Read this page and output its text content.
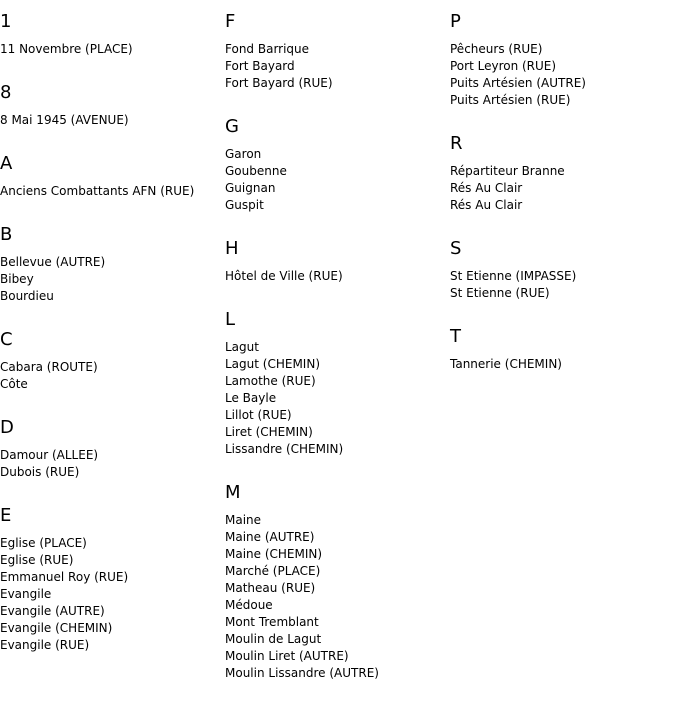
1
11 Novembre (PLACE)
8
8 Mai 1945 (AVENUE)
A
Anciens Combattants AFN (RUE)
B
Bellevue (AUTRE)
Bibey
Bourdieu
C
Cabara (ROUTE)
Côte
D
Damour (ALLEE)
Dubois (RUE)
E
Eglise (PLACE)
Eglise (RUE)
Emmanuel Roy (RUE)
Evangile
Evangile (AUTRE)
Evangile (CHEMIN)
Evangile (RUE)
F
Fond Barrique
Fort Bayard
Fort Bayard (RUE)
G
Garon
Goubenne
Guignan
Guspit
H
Hôtel de Ville (RUE)
L
Lagut
Lagut (CHEMIN)
Lamothe (RUE)
Le Bayle
Lillot (RUE)
Liret (CHEMIN)
Lissandre (CHEMIN)
M
Maine
Maine (AUTRE)
Maine (CHEMIN)
Marché (PLACE)
Matheau (RUE)
Médoue
Mont Tremblant
Moulin de Lagut
Moulin Liret (AUTRE)
Moulin Lissandre (AUTRE)
P
Pêcheurs (RUE)
Port Leyron (RUE)
Puits Artésien (AUTRE)
Puits Artésien (RUE)
R
Répartiteur Branne
Rés Au Clair
Rés Au Clair
S
St Etienne (IMPASSE)
St Etienne (RUE)
T
Tannerie (CHEMIN)
